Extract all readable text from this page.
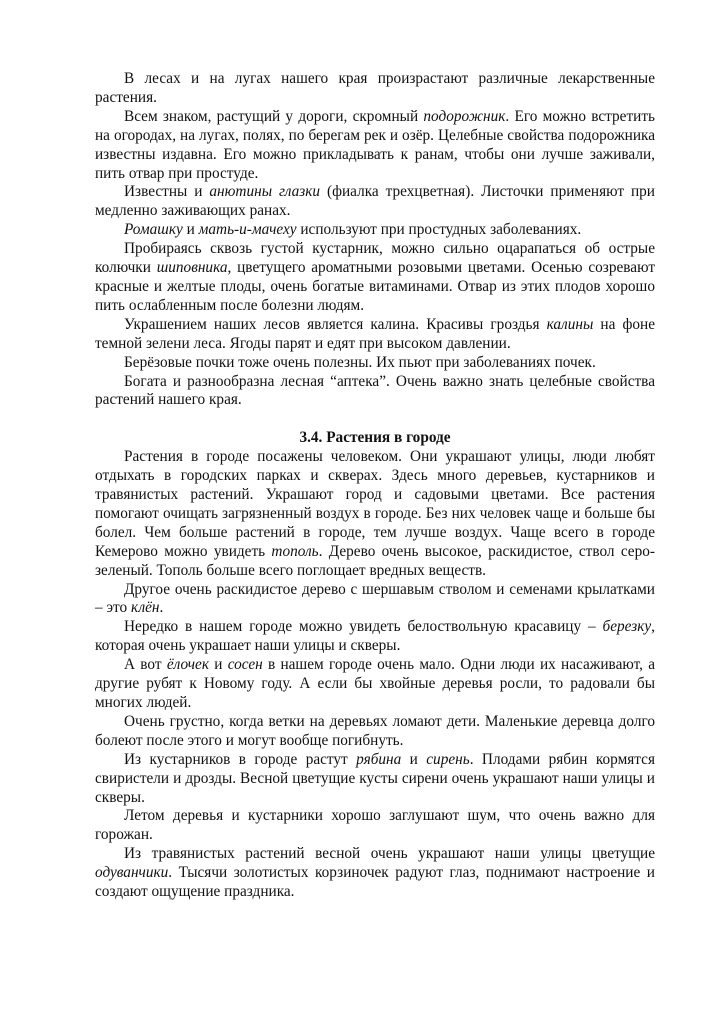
В лесах и на лугах нашего края произрастают различные лекарственные растения.

Всем знаком, растущий у дороги, скромный подорожник. Его можно встретить на огородах, на лугах, полях, по берегам рек и озёр. Целебные свойства подорожника известны издавна. Его можно прикладывать к ранам, чтобы они лучше заживали, пить отвар при простуде.

Известны и анютины глазки (фиалка трехцветная). Листочки применяют при медленно заживающих ранах.

Ромашку и мать-и-мачеху используют при простудных заболеваниях.

Пробираясь сквозь густой кустарник, можно сильно оцарапаться об острые колючки шиповника, цветущего ароматными розовыми цветами. Осенью созревают красные и желтые плоды, очень богатые витаминами. Отвар из этих плодов хорошо пить ослабленным после болезни людям.

Украшением наших лесов является калина. Красивы гроздья калины на фоне темной зелени леса. Ягоды парят и едят при высоком давлении.

Берёзовые почки тоже очень полезны. Их пьют при заболеваниях почек.

Богата и разнообразна лесная “аптека”. Очень важно знать целебные свойства растений нашего края.

3.4. Растения в городе

Растения в городе посажены человеком. Они украшают улицы, люди любят отдыхать в городских парках и скверах. Здесь много деревьев, кустарников и травянистых растений. Украшают город и садовыми цветами. Все растения помогают очищать загрязненный воздух в городе. Без них человек чаще и больше бы болел. Чем больше растений в городе, тем лучше воздух. Чаще всего в городе Кемерово можно увидеть тополь. Дерево очень высокое, раскидистое, ствол серо-зеленый. Тополь больше всего поглощает вредных веществ.

Другое очень раскидистое дерево с шершавым стволом и семенами крылатками – это клён.

Нередко в нашем городе можно увидеть белоствольную красавицу – березку, которая очень украшает наши улицы и скверы.

А вот ёлочек и сосен в нашем городе очень мало. Одни люди их насаживают, а другие рубят к Новому году. А если бы хвойные деревья росли, то радовали бы многих людей.

Очень грустно, когда ветки на деревьях ломают дети. Маленькие деревца долго болеют после этого и могут вообще погибнуть.

Из кустарников в городе растут рябина и сирень. Плодами рябин кормятся свиристели и дрозды. Весной цветущие кусты сирени очень украшают наши улицы и скверы.

Летом деревья и кустарники хорошо заглушают шум, что очень важно для горожан.

Из травянистых растений весной очень украшают наши улицы цветущие одуванчики. Тысячи золотистых корзиночек радуют глаз, поднимают настроение и создают ощущение праздника.
